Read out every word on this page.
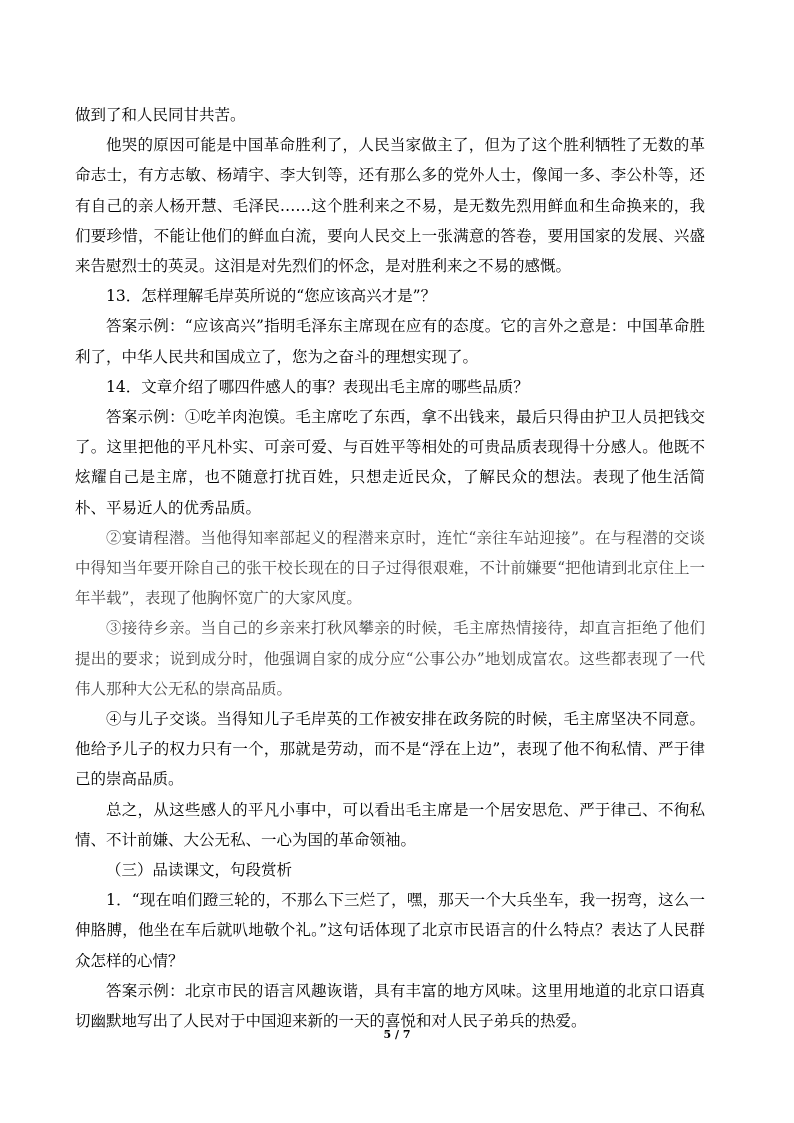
做到了和人民同甘共苦。

他哭的原因可能是中国革命胜利了，人民当家做主了，但为了这个胜利牺牲了无数的革命志士，有方志敏、杨靖宇、李大钊等，还有那么多的党外人士，像闻一多、李公朴等，还有自己的亲人杨开慧、毛泽民……这个胜利来之不易，是无数先烈用鲜血和生命换来的，我们要珍惜，不能让他们的鲜血白流，要向人民交上一张满意的答卷，要用国家的发展、兴盛来告慰烈士的英灵。这泪是对先烈们的怀念，是对胜利来之不易的感慨。

13．怎样理解毛岸英所说的“您应该高兴才是”？

答案示例：“应该高兴”指明毛泽东主席现在应有的态度。它的言外之意是：中国革命胜利了，中华人民共和国成立了，您为之奋斗的理想实现了。

14．文章介绍了哪四件感人的事？表现出毛主席的哪些品质？

答案示例：①吃羊肉泡馍。毛主席吃了东西，拿不出钱来，最后只得由护卫人员把钱交了。这里把他的平凡朴实、可亲可爱、与百姓平等相处的可贵品质表现得十分感人。他既不炫耀自己是主席，也不随意打扰百姓，只想走近民众，了解民众的想法。表现了他生活简朴、平易近人的优秀品质。

②宴请程潜。当他得知率部起义的程潜来京时，连忙“亲往车站迎接”。在与程潜的交谈中得知当年要开除自己的张干校长现在的日子过得很艰难，不计前嫌要“把他请到北京住上一年半载”，表现了他胸怀宽广的大家风度。

③接待乡亲。当自己的乡亲来打秋风攀亲的时候，毛主席热情接待，却直言拒绝了他们提出的要求；说到成分时，他强调自家的成分应“公事公办”地划成富农。这些都表现了一代伟人那种大公无私的崇高品质。

④与儿子交谈。当得知儿子毛岸英的工作被安排在政务院的时候，毛主席坚决不同意。他给予儿子的权力只有一个，那就是劳动，而不是“浮在上边”，表现了他不徇私情、严于律己的崇高品质。

总之，从这些感人的平凡小事中，可以看出毛主席是一个居安思危、严于律己、不徇私情、不计前嫌、大公无私、一心为国的革命领袖。

（三）品读课文，句段赏析

1．“现在咱们蹬三轮的，不那么下三烂了，嘿，那天一个大兵坐车，我一拐弯，这么一伸胳膊，他坐在车后就叭地敬个礼。”这句话体现了北京市民语言的什么特点？表达了人民群众怎样的心情？

答案示例：北京市民的语言风趣诙谐，具有丰富的地方风味。这里用地道的北京口语真切幽默地写出了人民对于中国迎来新的一天的喜悦和对人民子弟兵的热爱。

5 / 7
